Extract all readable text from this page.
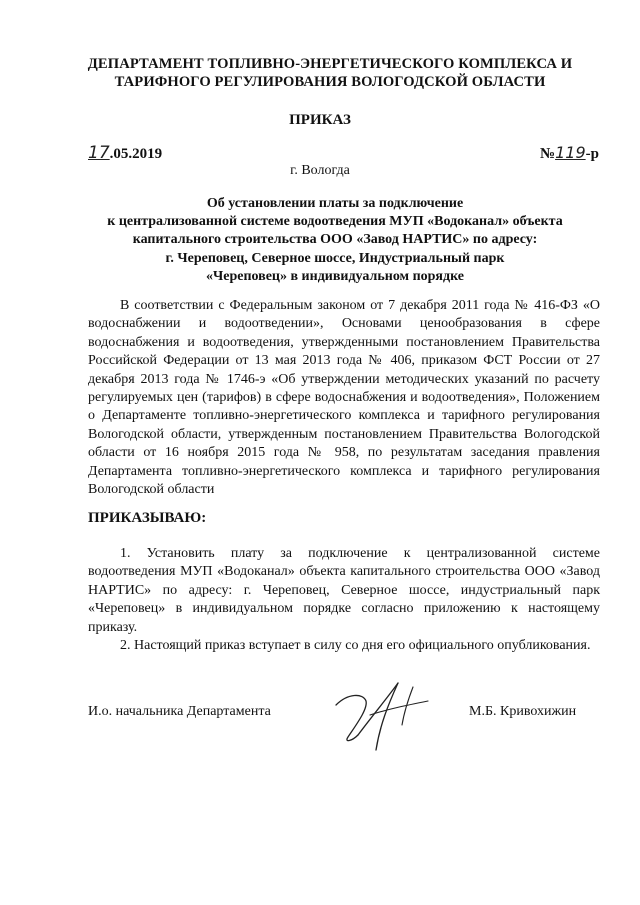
ДЕПАРТАМЕНТ ТОПЛИВНО-ЭНЕРГЕТИЧЕСКОГО КОМПЛЕКСА И
ТАРИФНОГО РЕГУЛИРОВАНИЯ ВОЛОГОДСКОЙ ОБЛАСТИ
ПРИКАЗ
17.05.2019	№119-р
г. Вологда
Об установлении платы за подключение
к централизованной системе водоотведения МУП «Водоканал» объекта
капитального строительства ООО «Завод НАРТИС» по адресу:
г. Череповец, Северное шоссе, Индустриальный парк
«Череповец» в индивидуальном порядке

В соответствии с Федеральным законом от 7 декабря 2011 года № 416-ФЗ «О водоснабжении и водоотведении», Основами ценообразования в сфере водоснабжения и водоотведения, утвержденными постановлением Правительства Российской Федерации от 13 мая 2013 года № 406, приказом ФСТ России от 27 декабря 2013 года № 1746-э «Об утверждении методических указаний по расчету регулируемых цен (тарифов) в сфере водоснабжения и водоотведения», Положением о Департаменте топливно-энергетического комплекса и тарифного регулирования Вологодской области, утвержденным постановлением Правительства Вологодской области от 16 ноября 2015 года № 958, по результатам заседания правления Департамента топливно-энергетического комплекса и тарифного регулирования Вологодской области

ПРИКАЗЫВАЮ:

1. Установить плату за подключение к централизованной системе водоотведения МУП «Водоканал» объекта капитального строительства ООО «Завод НАРТИС» по адресу: г. Череповец, Северное шоссе, индустриальный парк «Череповец» в индивидуальном порядке согласно приложению к настоящему приказу.

2. Настоящий приказ вступает в силу со дня его официального опубликования.

И.о. начальника Департамента	М.Б. Кривохижин
